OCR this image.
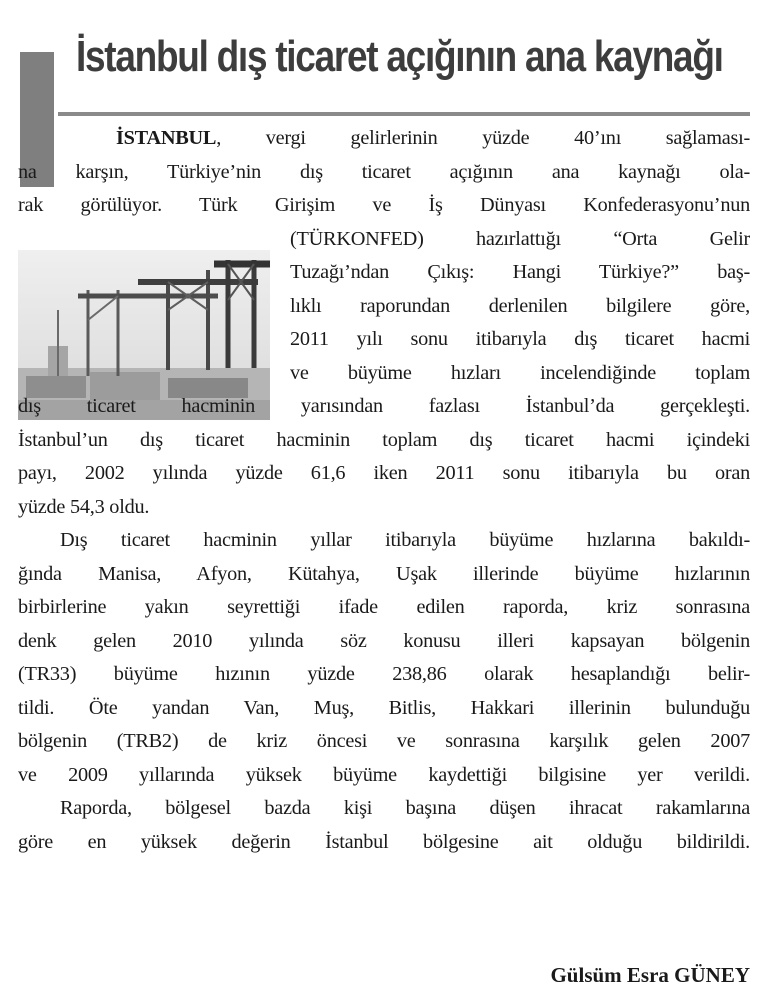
İstanbul dış ticaret açığının ana kaynağı
İSTANBUL, vergi gelirlerinin yüzde 40’ını sağlaması-
na karşın, Türkiye’nin dış ticaret açığının ana kaynağı ola-
rak görülüyor. Türk Girişim ve İş Dünyası Konfederasyonu’nun
(TÜRKONFED) hazırlattığı “Orta Gelir
Tuzağı’ndan Çıkış: Hangi Türkiye?” baş-
lıklı raporundan derlenilen bilgilere göre,
2011 yılı sonu itibarıyla dış ticaret hacmi
ve büyüme hızları incelendiğinde toplam
dış ticaret hacminin yarısından fazlası İstanbul’da gerçekleşti.
İstanbul’un dış ticaret hacminin toplam dış ticaret hacmi içindeki
payı, 2002 yılında yüzde 61,6 iken 2011 sonu itibarıyla bu oran
yüzde 54,3 oldu.
Dış ticaret hacminin yıllar itibarıyla büyüme hızlarına bakıldı-
ğında Manisa, Afyon, Kütahya, Uşak illerinde büyüme hızlarının
birbirlerine yakın seyrettiği ifade edilen raporda, kriz sonrasına
denk gelen 2010 yılında söz konusu illeri kapsayan bölgenin
(TR33) büyüme hızının yüzde 238,86 olarak hesaplandığı belir-
tildi. Öte yandan Van, Muş, Bitlis, Hakkari illerinin bulunduğu
bölgenin (TRB2) de kriz öncesi ve sonrasına karşılık gelen 2007
ve 2009 yıllarında yüksek büyüme kaydettiği bilgisine yer verildi.
Raporda, bölgesel bazda kişi başına düşen ihracat rakamlarına
göre en yüksek değerin İstanbul bölgesine ait olduğu bildirildi.
Gülsüm Esra GÜNEY
